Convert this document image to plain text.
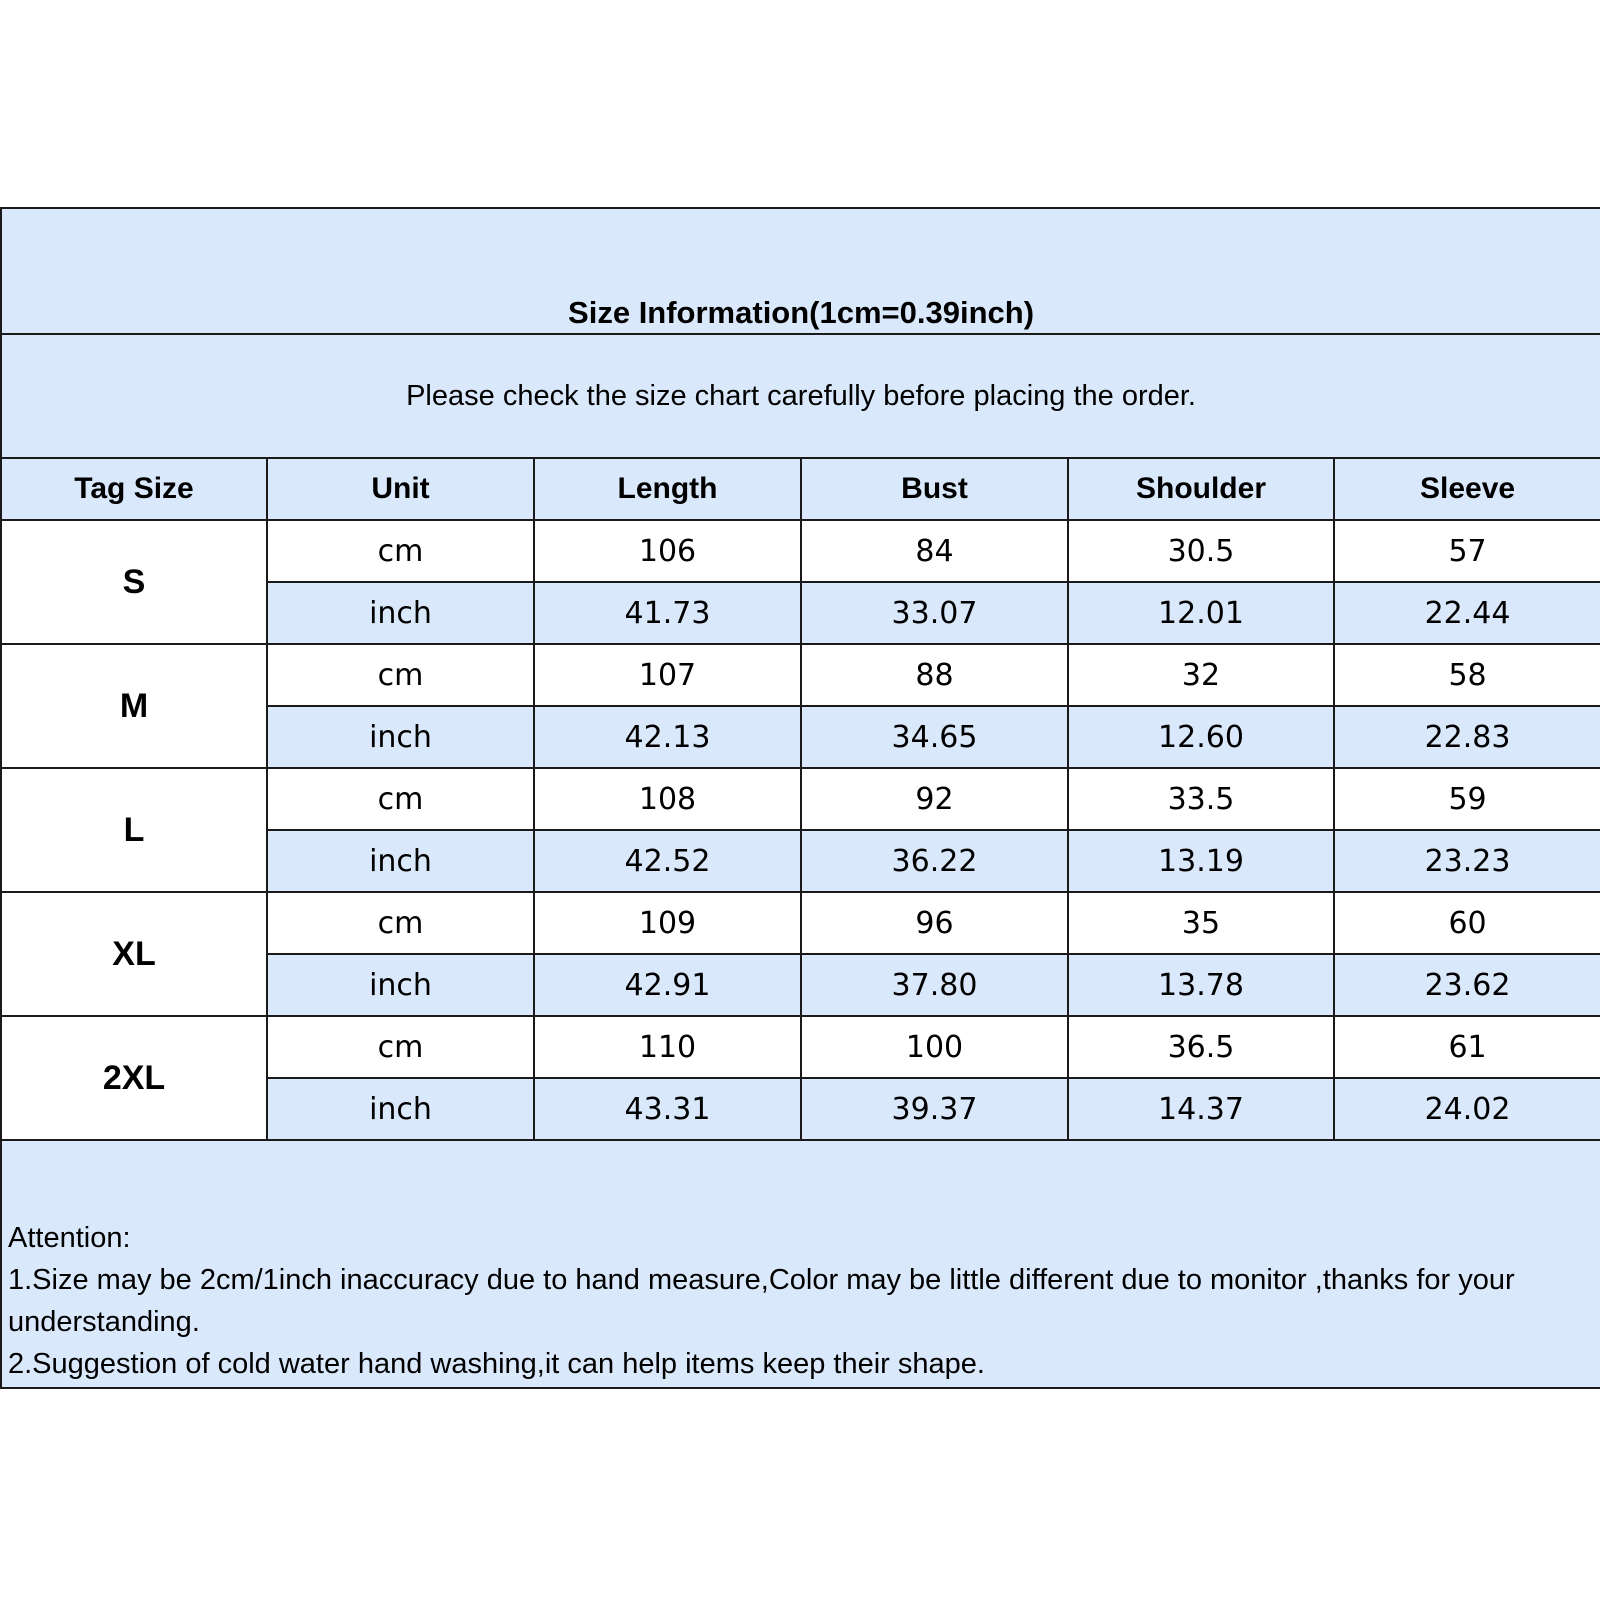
Size Information(1cm=0.39inch)					
Please check the size chart carefully before placing the order.					
Tag Size	Unit	Length	Bust	Shoulder	Sleeve
S	cm	106	84	30.5	57
	inch	41.73	33.07	12.01	22.44
M	cm	107	88	32	58
	inch	42.13	34.65	12.60	22.83
L	cm	108	92	33.5	59
	inch	42.52	36.22	13.19	23.23
XL	cm	109	96	35	60
	inch	42.91	37.80	13.78	23.62
2XL	cm	110	100	36.5	61
	inch	43.31	39.37	14.37	24.02

Attention:
1.Size may be 2cm/1inch inaccuracy due to hand measure,Color may be little different due to monitor ,thanks for your understanding.
2.Suggestion of cold water hand washing,it can help items keep their shape.					
